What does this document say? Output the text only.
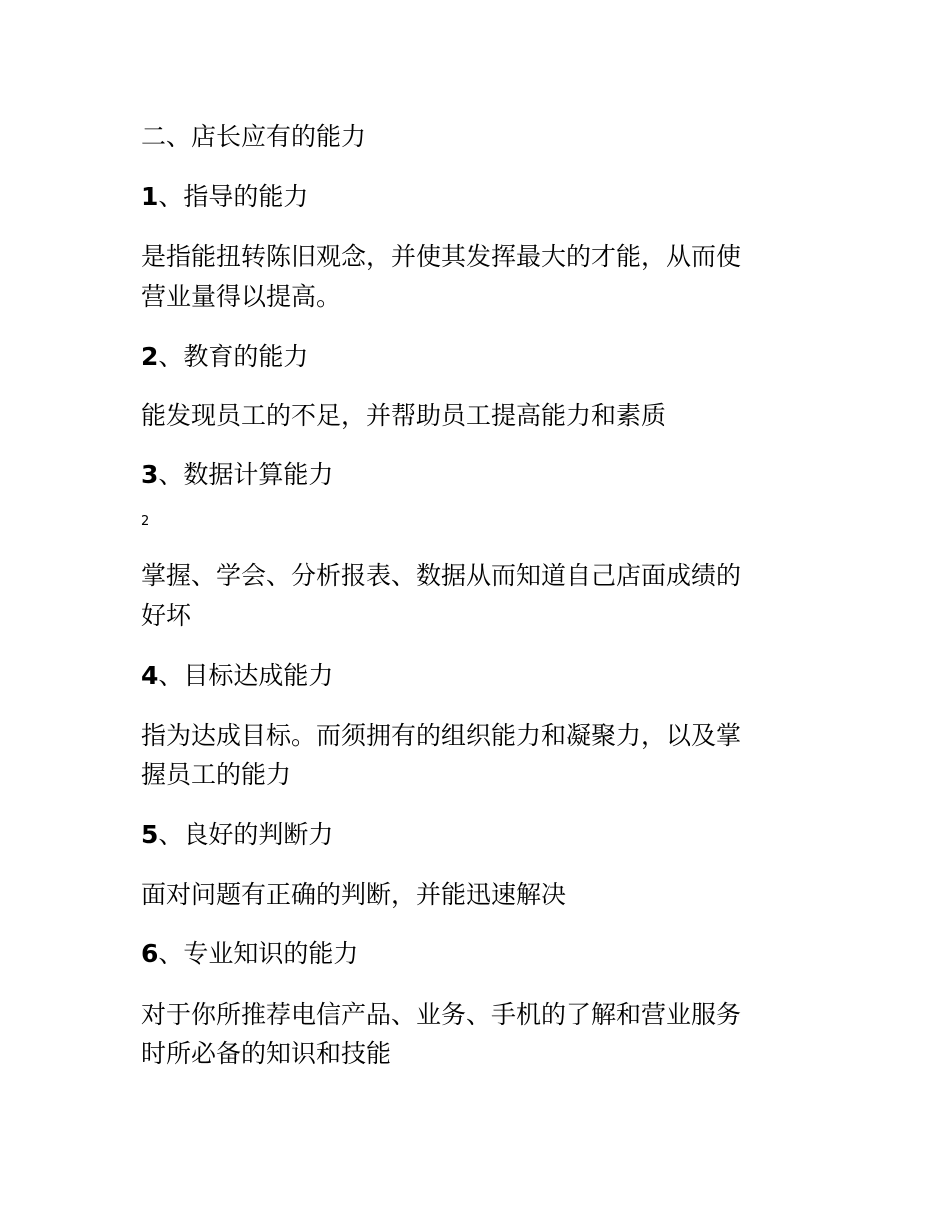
二、店长应有的能力
1、指导的能力

是指能扭转陈旧观念，并使其发挥最大的才能，从而使

营业量得以提高。

2、教育的能力

能发现员工的不足，并帮助员工提高能力和素质

3、数据计算能力

2

掌握、学会、分析报表、数据从而知道自己店面成绩的

好坏

4、目标达成能力

指为达成目标。而须拥有的组织能力和凝聚力，以及掌

握员工的能力

5、良好的判断力

面对问题有正确的判断，并能迅速解决

6、专业知识的能力

对于你所推荐电信产品、业务、手机的了解和营业服务

时所必备的知识和技能
